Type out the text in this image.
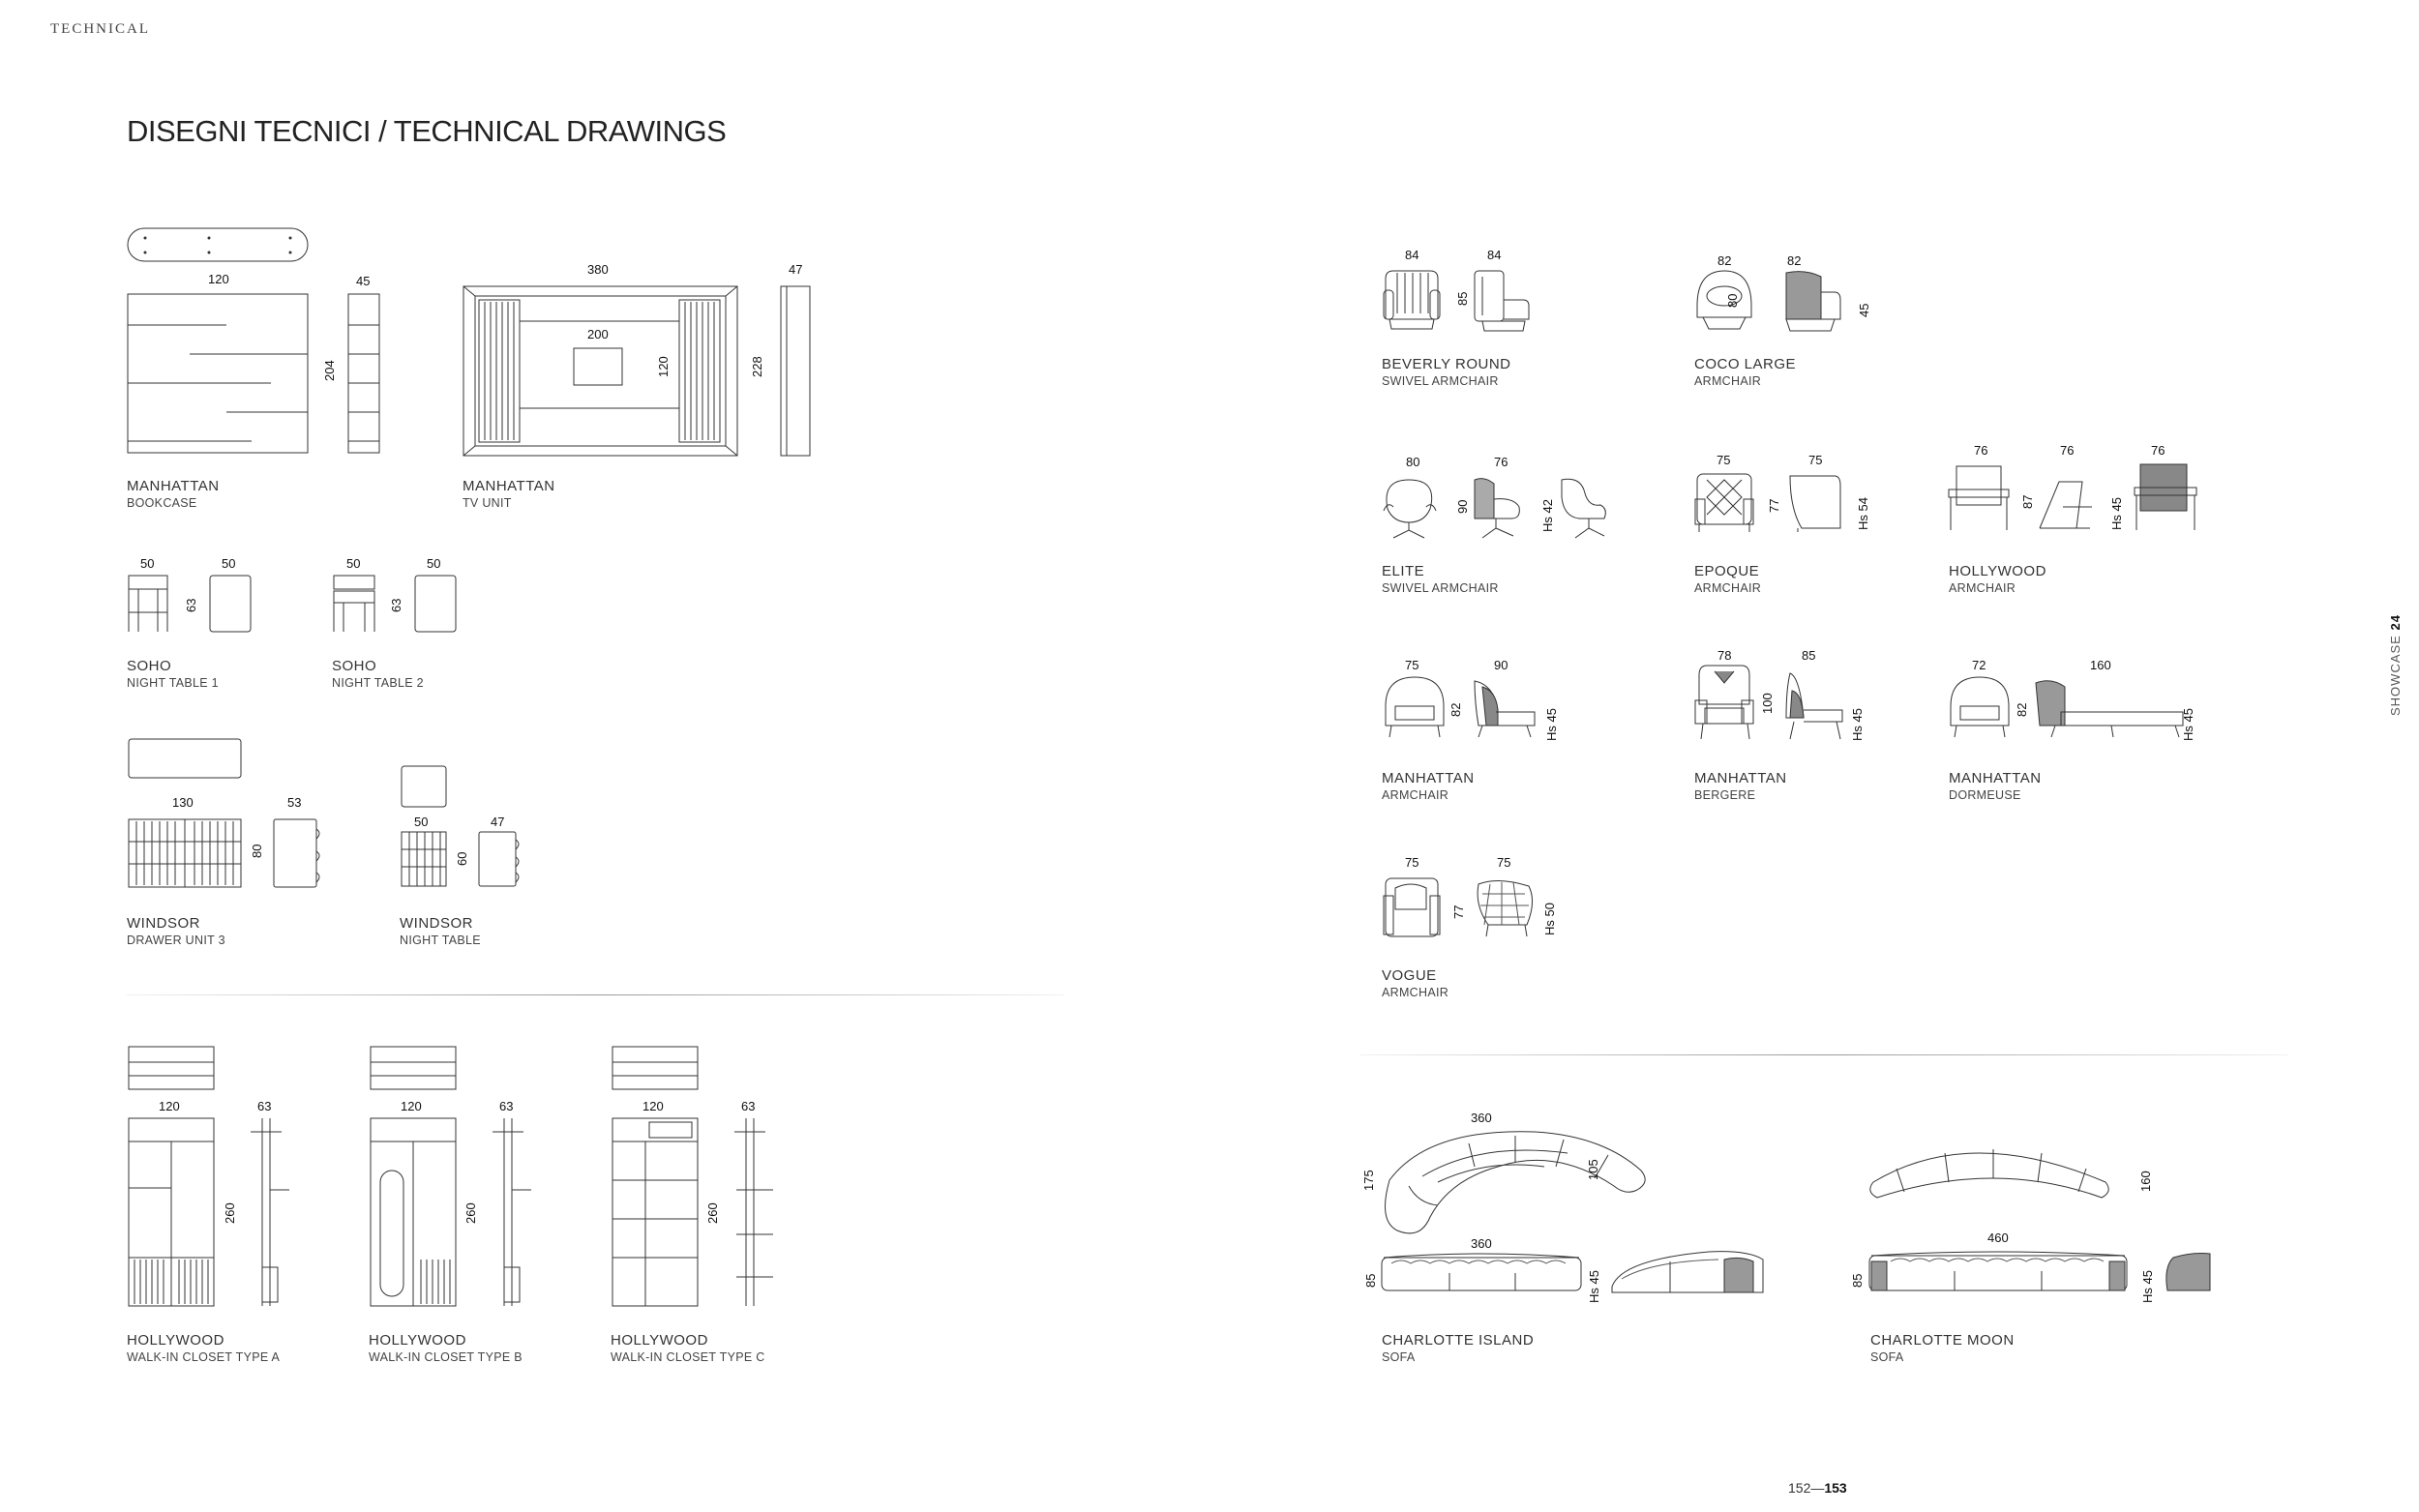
TECHNICAL
DISEGNI TECNICI / TECHNICAL DRAWINGS
SHOWCASE 24
152—153
120	45
204
MANHATTAN
BOOKCASE
380	47
200
120	228
MANHATTAN
TV UNIT
50	50
63
SOHO
NIGHT TABLE 1
50	50
63
SOHO
NIGHT TABLE 2
130	53
80
WINDSOR
DRAWER UNIT 3
50	47
60
WINDSOR
NIGHT TABLE
120	63
260
HOLLYWOOD
WALK-IN CLOSET TYPE A
120	63
260
HOLLYWOOD
WALK-IN CLOSET TYPE B
120	63
260
HOLLYWOOD
WALK-IN CLOSET TYPE C
84	84
85
BEVERLY ROUND
SWIVEL ARMCHAIR
82	82
80
45
COCO LARGE
ARMCHAIR
80	76
90	Hs 42
ELITE
SWIVEL ARMCHAIR
75	75
77	Hs 54
EPOQUE
ARMCHAIR
76	76	76
87	Hs 45
HOLLYWOOD
ARMCHAIR
75	90
82	Hs 45
MANHATTAN
ARMCHAIR
78	85
100
Hs 45
MANHATTAN
BERGERE
72	160
82	Hs 45
MANHATTAN
DORMEUSE
75	75
77	Hs 50
VOGUE
ARMCHAIR
360
175
105
360
85	Hs 45
CHARLOTTE ISLAND
SOFA
460
160
85	Hs 45
CHARLOTTE MOON
SOFA
